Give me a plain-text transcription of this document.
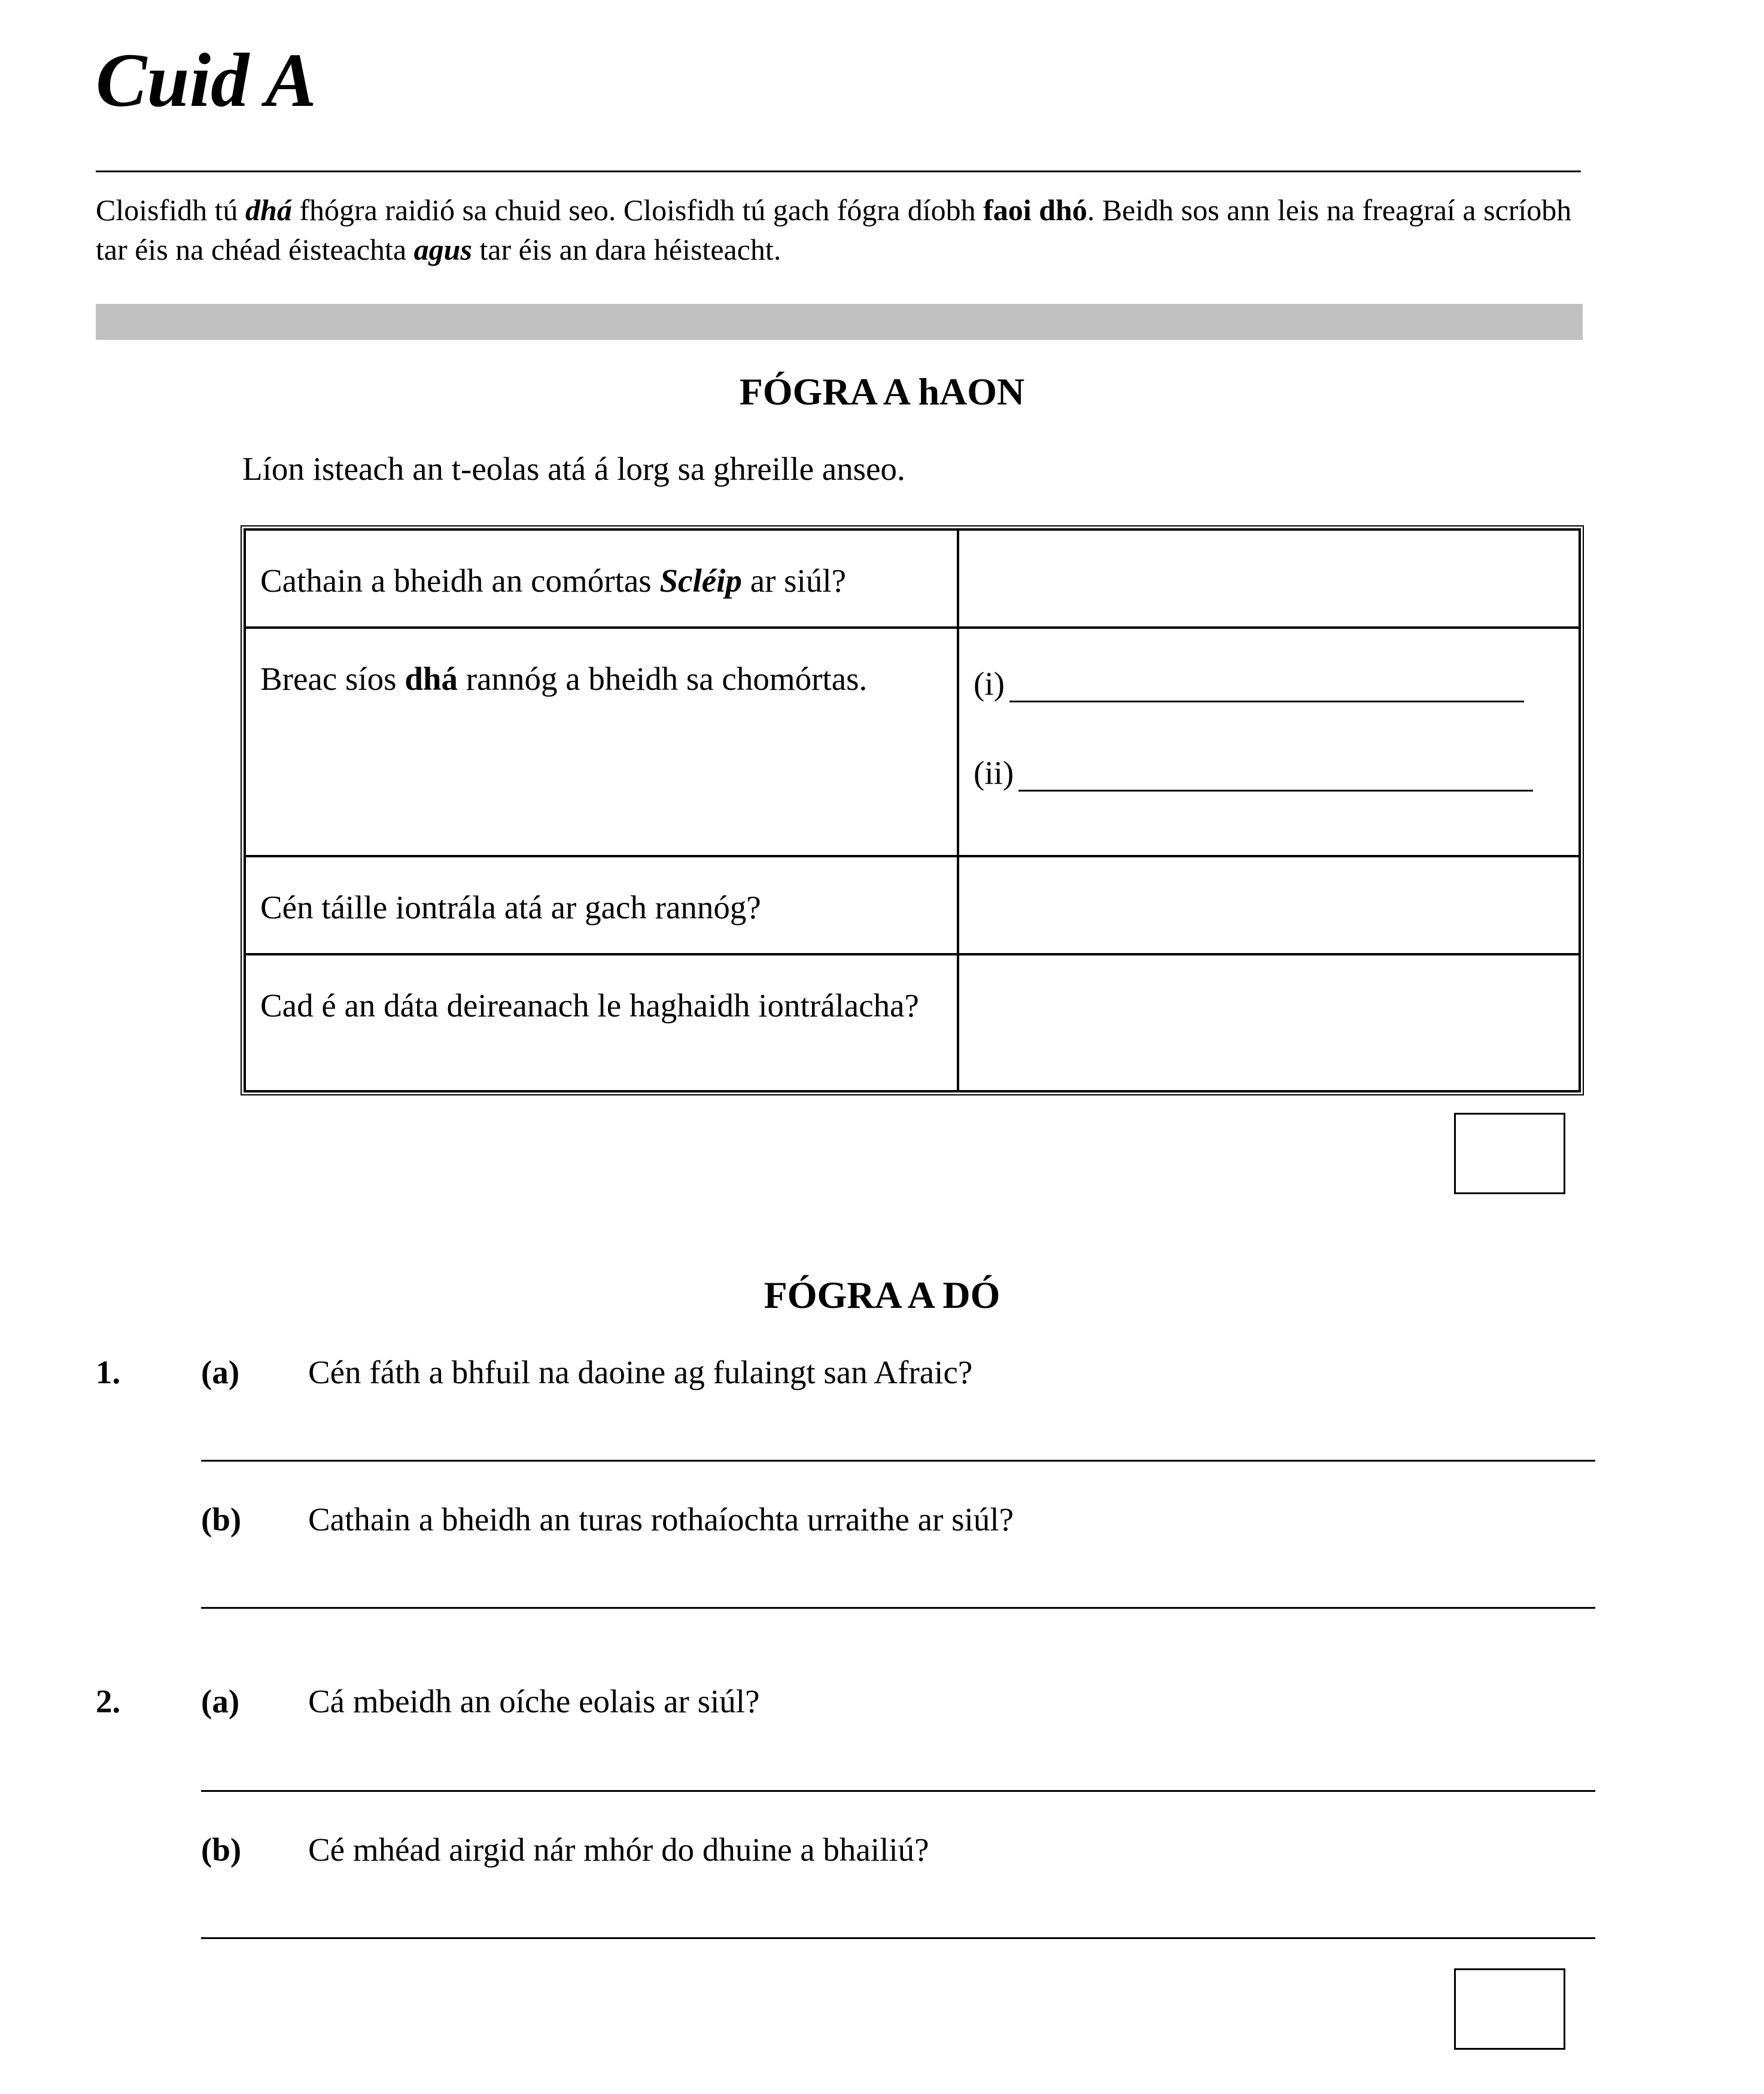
Cuid A
Cloisfidh tú dhá fhógra raidió sa chuid seo. Cloisfidh tú gach fógra díobh faoi dhó. Beidh sos ann leis na freagraí a scríobh tar éis na chéad éisteachta agus tar éis an dara héisteacht.
FÓGRA A hAON
Líon isteach an t-eolas atá á lorg sa ghreille anseo.
Cathain a bheidh an comórtas Scléip ar siúl?	

Breac síos dhá rannóg a bheidh sa chomórtas.	(i)
(ii)

Cén táille iontrála atá ar gach rannóg?	

Cad é an dáta deireanach le haghaidh iontrálacha?	

FÓGRA A DÓ
1. (a) Cén fáth a bhfuil na daoine ag fulaingt san Afraic?
(b) Cathain a bheidh an turas rothaíochta urraithe ar siúl?
2. (a) Cá mbeidh an oíche eolais ar siúl?
(b) Cé mhéad airgid nár mhór do dhuine a bhailiú?
